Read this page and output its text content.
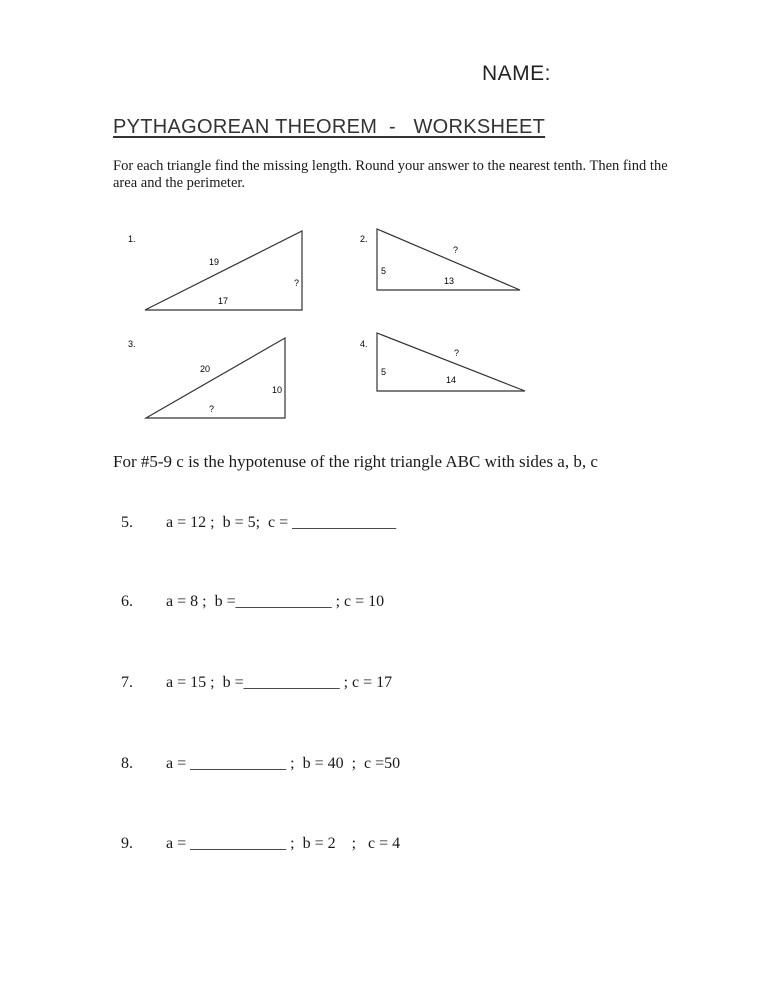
NAME:
PYTHAGOREAN THEOREM  -   WORKSHEET
For each triangle find the missing length. Round your answer to the nearest tenth. Then find the area and the perimeter.
1.
19
17
?
2.
5
?
13
3.
20
10
?
4.
5
?
14
For #5-9 c is the hypotenuse of the right triangle ABC with sides a, b, c

5. a = 12 ;  b = 5;  c = _____________

6. a = 8 ;  b =____________ ; c = 10

7. a = 15 ;  b =____________ ; c = 17

8. a = ____________ ;  b = 40  ;  c =50

9. a = ____________ ;  b = 2    ;   c = 4
